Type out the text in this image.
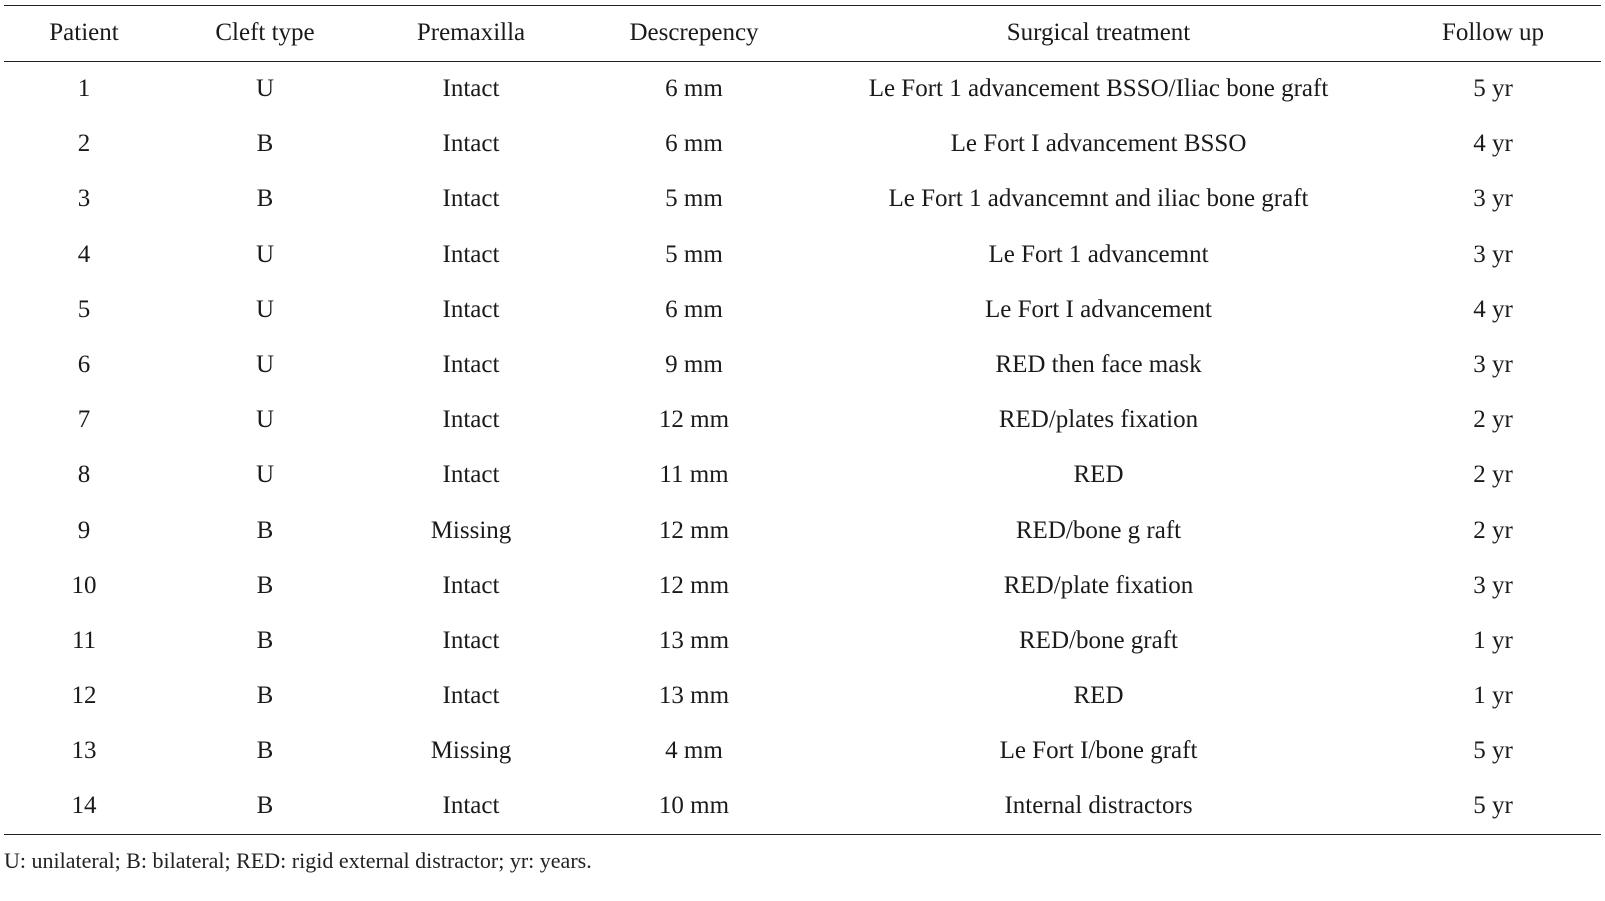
Patient	Cleft type	Premaxilla	Descrepency	Surgical treatment	Follow up
1	U	Intact	6 mm	Le Fort 1 advancement BSSO/Iliac bone graft	5 yr
2	B	Intact	6 mm	Le Fort I advancement BSSO	4 yr
3	B	Intact	5 mm	Le Fort 1 advancemnt and iliac bone graft	3 yr
4	U	Intact	5 mm	Le Fort 1 advancemnt	3 yr
5	U	Intact	6 mm	Le Fort I advancement	4 yr
6	U	Intact	9 mm	RED then face mask	3 yr
7	U	Intact	12 mm	RED/plates fixation	2 yr
8	U	Intact	11 mm	RED	2 yr
9	B	Missing	12 mm	RED/bone g raft	2 yr
10	B	Intact	12 mm	RED/plate fixation	3 yr
11	B	Intact	13 mm	RED/bone graft	1 yr
12	B	Intact	13 mm	RED	1 yr
13	B	Missing	4 mm	Le Fort I/bone graft	5 yr
14	B	Intact	10 mm	Internal distractors	5 yr
U: unilateral; B: bilateral; RED: rigid external distractor; yr: years.
